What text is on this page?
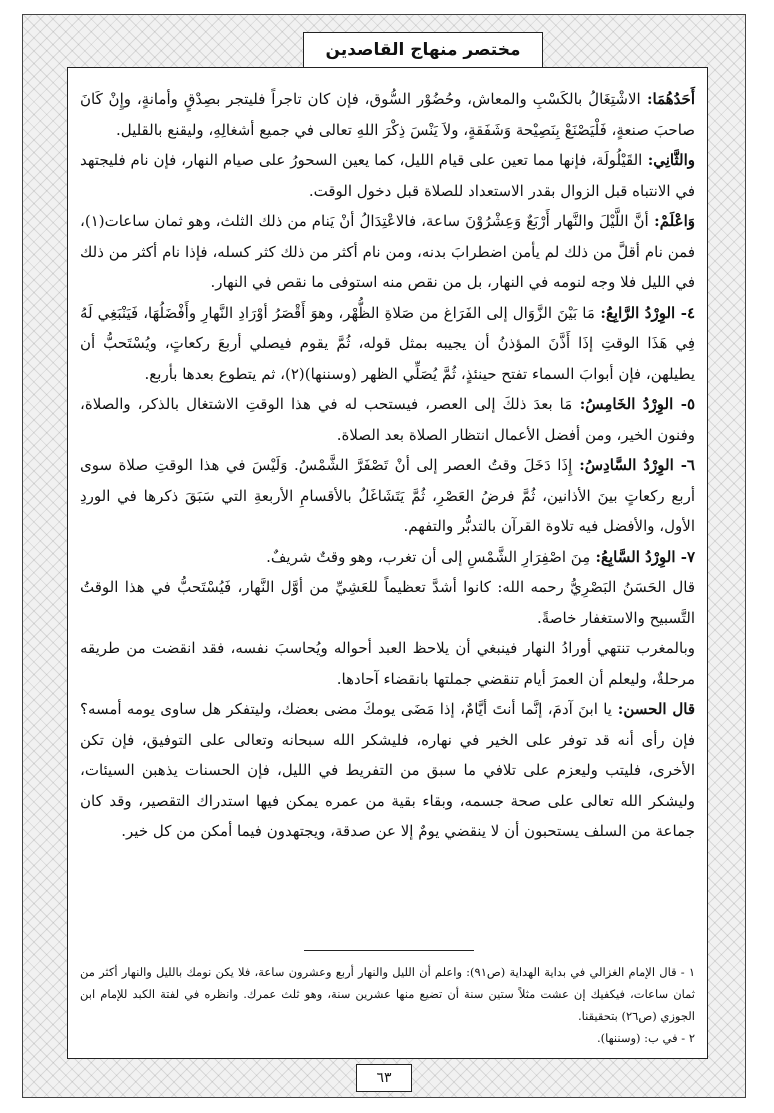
مختصر منهاج القاصدين

أَحَدُهُمَا: الاشْتِغَالُ بالكَسْبِ والمعاش، وحُضُوْر السُّوق، فإن كان تاجراً فليتجر بصِدْقٍ وأمانةٍ، وإِنْ كَانَ صاحبَ صنعةٍ، فَلْيَصْنَعْ بِنَصِيْحة وَشَفَقةٍ، ولاَ يَنْسَ ذِكْرَ اللهِ تعالى في جميع أشغالِهِ، وليقنع بالقليل.

والثَّانِي: القَيْلُولَة، فإنها مما تعين على قيام الليل، كما يعين السحورُ على صيام النهار، فإن نام فليجتهد في الانتباه قبل الزوال بقدر الاستعداد للصلاة قبل دخول الوقت.

وَاعْلَمْ: أنَّ اللَّيْلَ والنَّهار أَرْبَعٌ وَعِشْرُوْنَ ساعة، فالاعْتِدَالُ أنْ يَنام من ذلك الثلث، وهو ثمان ساعات(١)، فمن نام أقلَّ من ذلك لم يأمن اضطرابَ بدنه، ومن نام أكثر من ذلك كثر كسله، فإذا نام أكثر من ذلك في الليل فلا وجه لنومه في النهار، بل من نقص منه استوفى ما نقص في النهار.

٤- الوِرْدُ الرَّابِعُ: مَا بَيْنَ الزَّوَال إلى الفَرَاغ من صَلاةِ الظُّهْر، وهوَ أَقْصَرُ أوْرَادِ النَّهارِ وأَفْضَلُهَا، فَيَنْبَغِي لَهُ فِي هَذَا الوقتِ إذَا أَذَّنَ المؤذنُ أن يجيبه بمثل قوله، ثُمَّ يقوم فيصلي أربعَ ركعاتٍ، ويُسْتَحبُّ أن يطيلهن، فإن أبوابَ السماء تفتح حينئذٍ، ثُمَّ يُصَلِّي الظهر (وسننها)(٢)، ثم يتطوع بعدها بأربع.

٥- الوِرْدُ الخَامِسُ: مَا بعدَ ذلكَ إلى العصر، فيستحب له في هذا الوقتِ الاشتغال بالذكر، والصلاة، وفنون الخير، ومن أفضل الأعمال انتظار الصلاة بعد الصلاة.

٦- الوِرْدُ السَّادِسُ: إِذَا دَخَلَ وقتُ العصر إلى أنْ تَصْفَرَّ الشَّمْسُ. وَلَيْسَ في هذا الوقتِ صلاة سوى أربع ركعاتٍ بينَ الأذانين، ثُمَّ فرضُ العَصْرِ، ثُمَّ يَتَشَاغَلُ بالأقسامِ الأربعةِ التي سَبَقَ ذكرها في الوردِ الأول، والأفضل فيه تلاوة القرآن بالتدبُّر والتفهم.

٧- الوِرْدُ السَّابِعُ: مِنَ اصْفِرَارِ الشَّمْسِ إلى أن تغرب، وهو وقتٌ شريفٌ.

قال الحَسَنُ البَصْرِيُّ رحمه الله: كانوا أشدَّ تعظيماً للعَشِيِّ من أوَّل النَّهار، فَيُسْتَحبُّ في هذا الوقتُ التَّسبيح والاستغفار خاصةً.

وبالمغرب تنتهي أورادُ النهار فينبغي أن يلاحظ العبد أحواله ويُحاسبَ نفسه، فقد انقضت من طريقه مرحلةٌ، وليعلم أن العمرَ أيام تنقضي جملتها بانقضاء آحادها.

قال الحسن: يا ابنَ آدمَ، إنَّما أنتَ أيَّامٌ، إذا مَضَى يومكَ مضى بعضك، وليتفكر هل ساوى يومه أمسه؟ فإن رأى أنه قد توفر على الخير في نهاره، فليشكر الله سبحانه وتعالى على التوفيق، فإن تكن الأخرى، فليتب وليعزم على تلافي ما سبق من التفريط في الليل، فإن الحسنات يذهبن السيئات، وليشكر الله تعالى على صحة جسمه، وبقاء بقية من عمره يمكن فيها استدراك التقصير، وقد كان جماعة من السلف يستحبون أن لا ينقضي يومٌ إلا عن صدقة، ويجتهدون فيما أمكن من كل خير.

١ - قال الإمام الغزالي في بداية الهداية (ص٩١): واعلم أن الليل والنهار أربع وعشرون ساعة، فلا يكن نومك بالليل والنهار أكثر من ثمان ساعات، فيكفيك إن عشت مثلاً ستين سنة أن تضيع منها عشرين سنة، وهو ثلث عمرك. وانظره في لفتة الكبد للإمام ابن الجوزي (ص٢٦) بتحقيقنا.

٢ - في ب: (وسننها).

٦٣
